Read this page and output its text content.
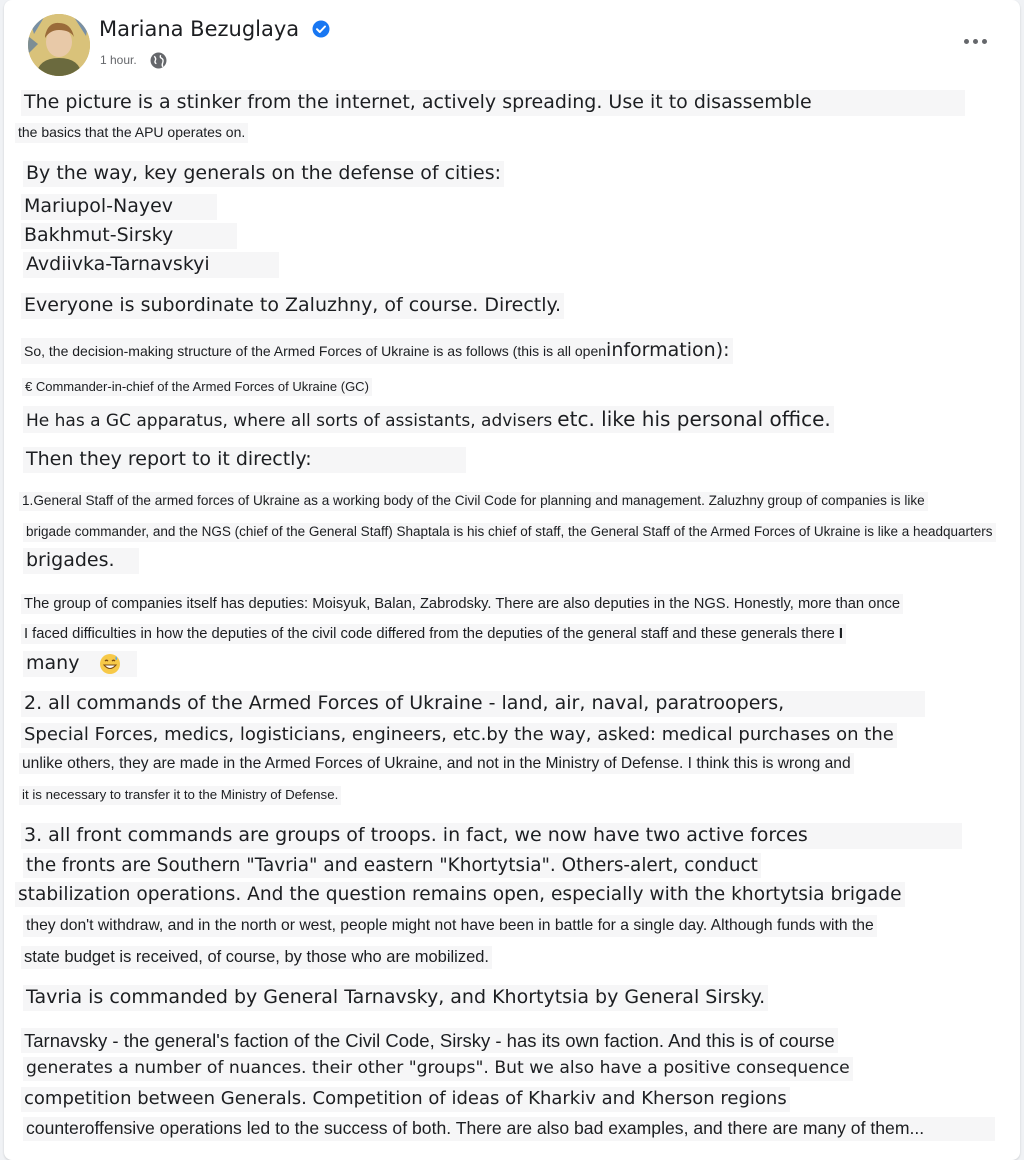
Mariana Bezuglaya
1 hour.
The picture is a stinker from the internet, actively spreading. Use it to disassemble
the basics that the APU operates on.
By the way, key generals on the defense of cities:
Mariupol-Nayev
Bakhmut-Sirsky
Avdiivka-Tarnavskyi
Everyone is subordinate to Zaluzhny, of course. Directly.
So, the decision-making structure of the Armed Forces of Ukraine is as follows (this is all openinformation):
€ Commander-in-chief of the Armed Forces of Ukraine (GC)
He has a GC apparatus, where all sorts of assistants, advisers etc. like his personal office.
Then they report to it directly:
1.General Staff of the armed forces of Ukraine as a working body of the Civil Code for planning and management. Zaluzhny group of companies is like
brigade commander, and the NGS (chief of the General Staff) Shaptala is his chief of staff, the General Staff of the Armed Forces of Ukraine is like a headquarters
brigades.
The group of companies itself has deputies: Moisyuk, Balan, Zabrodsky. There are also deputies in the NGS. Honestly, more than once
I faced difficulties in how the deputies of the civil code differed from the deputies of the general staff and these generals there I
many
2. all commands of the Armed Forces of Ukraine - land, air, naval, paratroopers,
Special Forces, medics, logisticians, engineers, etc.by the way, asked: medical purchases on the
unlike others, they are made in the Armed Forces of Ukraine, and not in the Ministry of Defense. I think this is wrong and
it is necessary to transfer it to the Ministry of Defense.
3. all front commands are groups of troops. in fact, we now have two active forces
the fronts are Southern "Tavria" and eastern "Khortytsia". Others-alert, conduct
stabilization operations. And the question remains open, especially with the khortytsia brigade
they don't withdraw, and in the north or west, people might not have been in battle for a single day. Although funds with the
state budget is received, of course, by those who are mobilized.
Tavria is commanded by General Tarnavsky, and Khortytsia by General Sirsky.
Tarnavsky - the general's faction of the Civil Code, Sirsky - has its own faction. And this is of course
generates a number of nuances. their other "groups". But we also have a positive consequence
competition between Generals. Competition of ideas of Kharkiv and Kherson regions
counteroffensive operations led to the success of both. There are also bad examples, and there are many of them...
